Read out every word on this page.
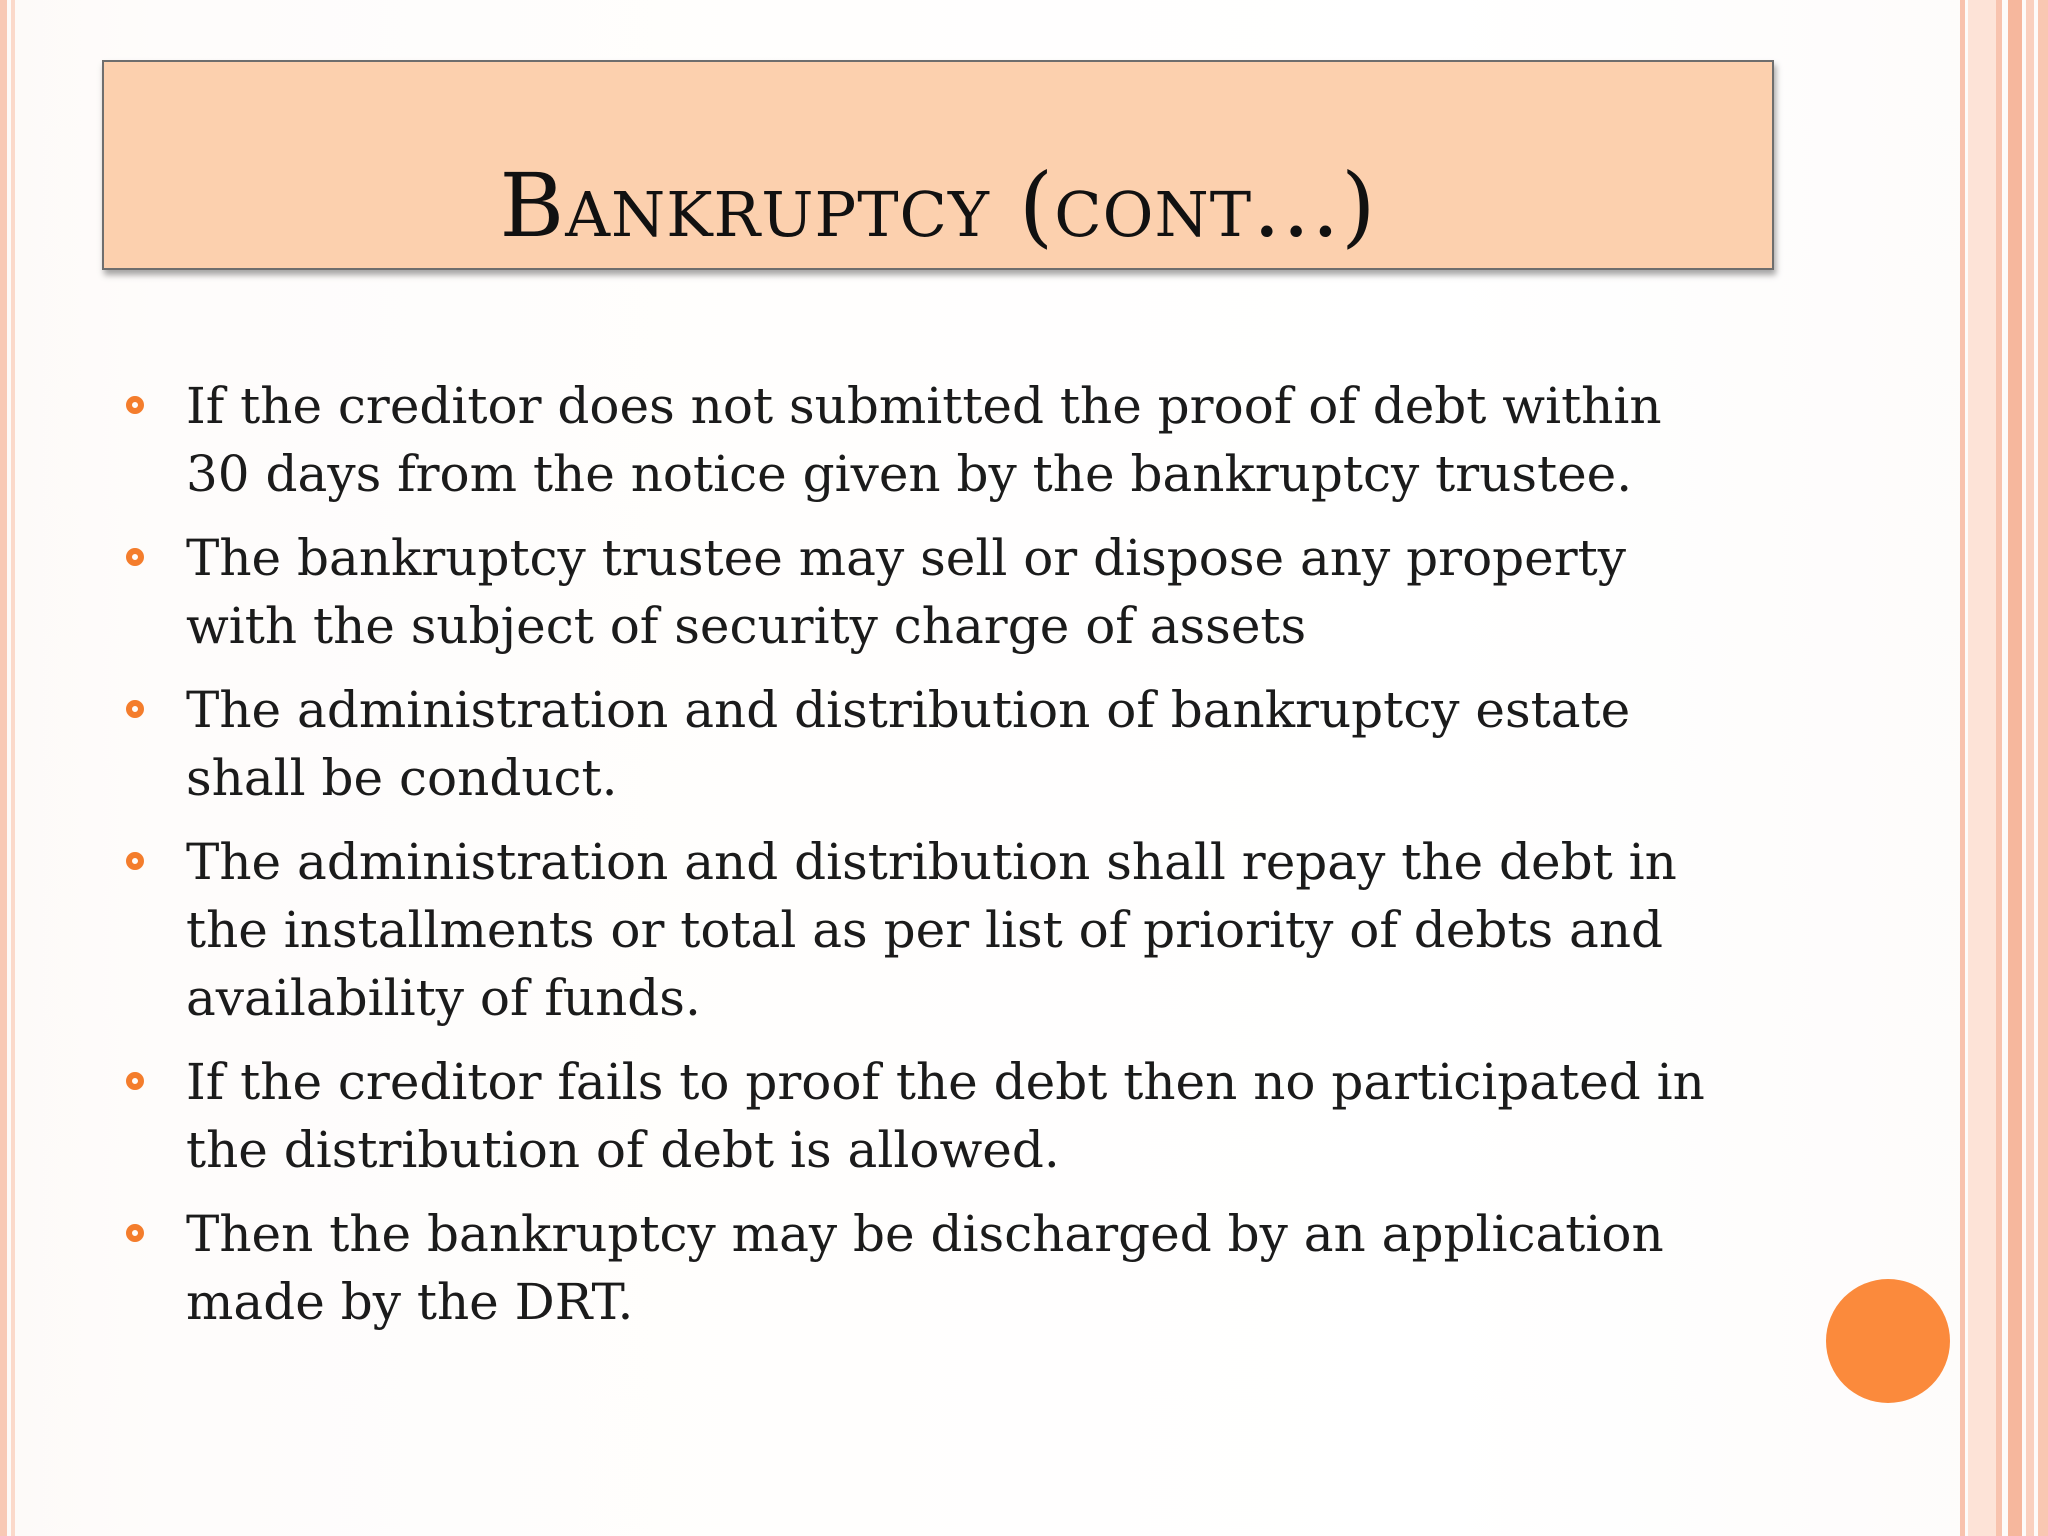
Bankruptcy (cont…)
If the creditor does not submitted the proof of debt within 30 days from the notice given by the bankruptcy trustee.
The bankruptcy trustee may sell or dispose any property with the subject of security charge of assets
The administration and distribution of bankruptcy estate shall be conduct.
The administration and distribution shall repay the debt in the installments or total as per list of priority of debts and availability of funds.
If the creditor fails to proof the debt then no participated in the distribution of debt is allowed.
Then the bankruptcy may be discharged by an application made by the DRT.
